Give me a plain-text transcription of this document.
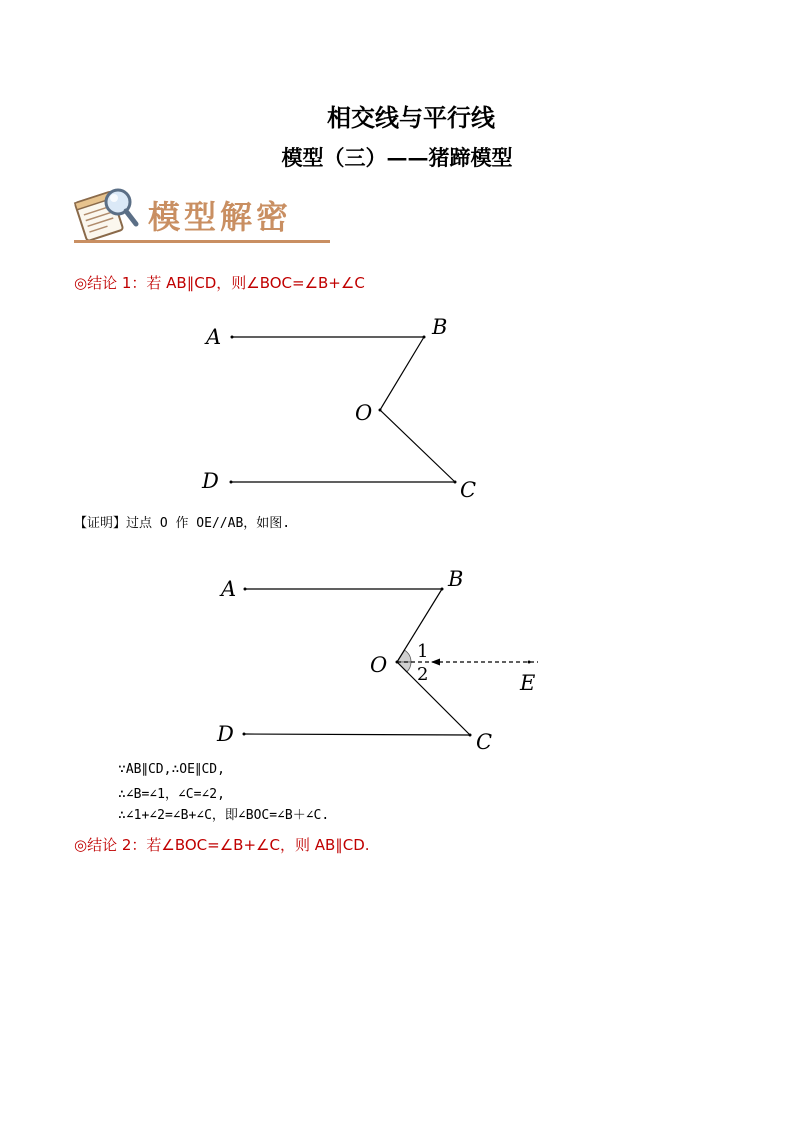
相交线与平行线
模型（三）——猪蹄模型
模型解密
◎结论 1：若 AB∥CD，则∠BOC=∠B+∠C
A	B
O
D	C
【证明】过点 O 作 OE//AB，如图.
A	B
O
D	C
E
1
2
∵AB∥CD,∴OE∥CD,
∴∠B=∠1，∠C=∠2,
∴∠1+∠2=∠B+∠C，即∠BOC=∠B＋∠C.
◎结论 2：若∠BOC=∠B+∠C，则 AB∥CD.
